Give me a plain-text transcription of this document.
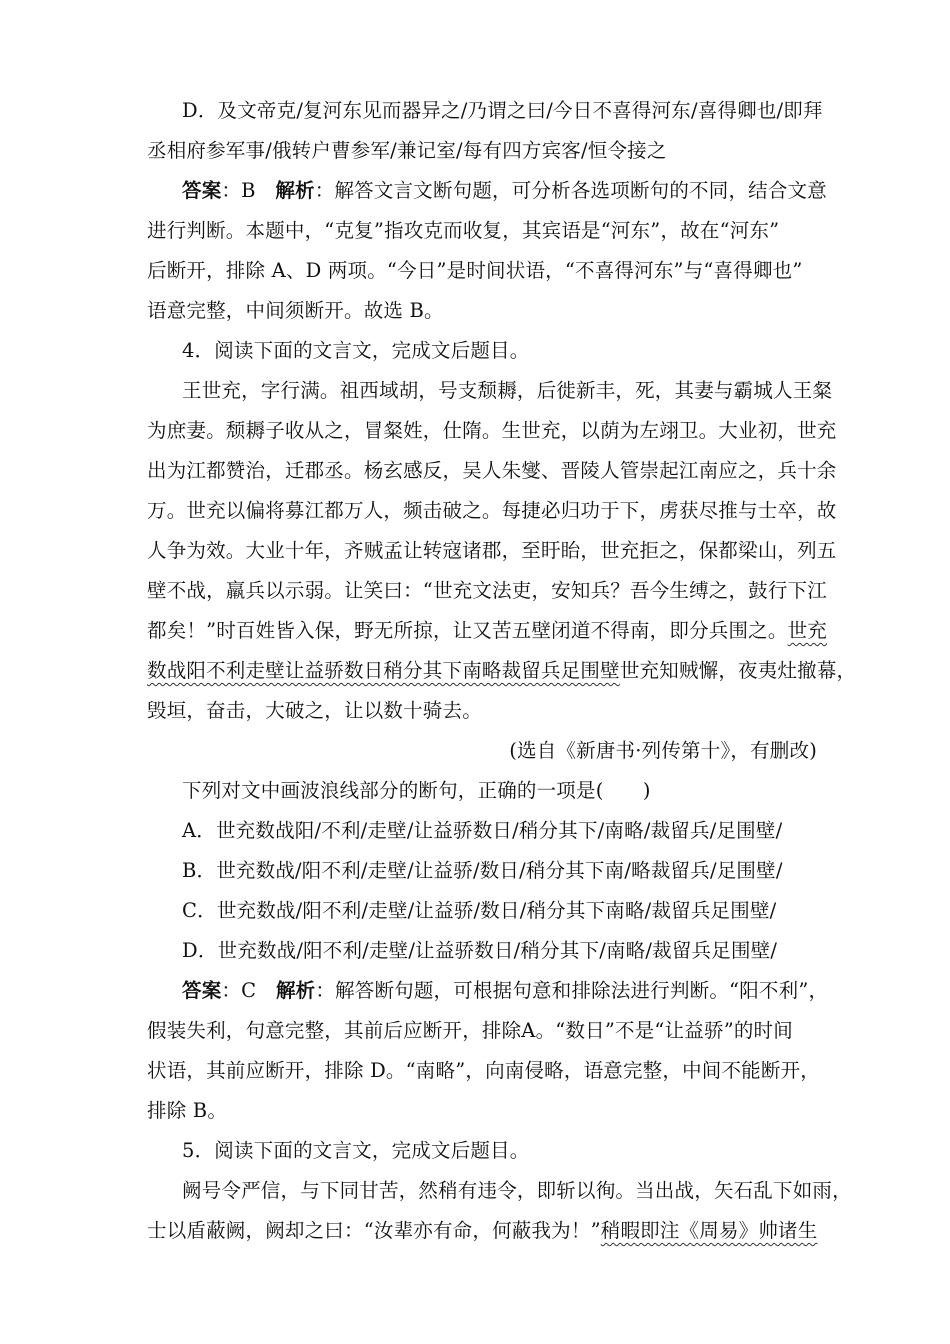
D．及文帝克/复河东见而器异之/乃谓之曰/今日不喜得河东/喜得卿也/即拜
丞相府参军事/俄转户曹参军/兼记室/每有四方宾客/恒令接之
答案：B　解析：解答文言文断句题，可分析各选项断句的不同，结合文意
进行判断。本题中，“克复”指攻克而收复，其宾语是“河东”，故在“河东”
后断开，排除 A、D 两项。“今日”是时间状语，“不喜得河东”与“喜得卿也”
语意完整，中间须断开。故选 B。
4．阅读下面的文言文，完成文后题目。
王世充，字行满。祖西域胡，号支颓耨，后徙新丰，死，其妻与霸城人王粲
为庶妻。颓耨子收从之，冒粲姓，仕隋。生世充，以荫为左翊卫。大业初，世充
出为江都赞治，迁郡丞。杨玄感反，吴人朱燮、晋陵人管崇起江南应之，兵十余
万。世充以偏将募江都万人，频击破之。每捷必归功于下，虏获尽推与士卒，故
人争为效。大业十年，齐贼孟让转寇诸郡，至盱眙，世充拒之，保都梁山，列五
壁不战，羸兵以示弱。让笑曰：“世充文法吏，安知兵？吾今生缚之，鼓行下江
都矣！”时百姓皆入保，野无所掠，让又苦五壁闭道不得南，即分兵围之。世充
数战阳不利走壁让益骄数日稍分其下南略裁留兵足围壁世充知贼懈，夜夷灶撤幕，
毁垣，奋击，大破之，让以数十骑去。
(选自《新唐书·列传第十》，有删改)
下列对文中画波浪线部分的断句，正确的一项是(　　)
A．世充数战阳/不利/走壁/让益骄数日/稍分其下/南略/裁留兵/足围壁/
B．世充数战/阳不利/走壁/让益骄/数日/稍分其下南/略裁留兵/足围壁/
C．世充数战/阳不利/走壁/让益骄/数日/稍分其下南略/裁留兵足围壁/
D．世充数战/阳不利/走壁/让益骄数日/稍分其下/南略/裁留兵足围壁/
答案：C　解析：解答断句题，可根据句意和排除法进行判断。“阳不利”，
假装失利，句意完整，其前后应断开，排除A。“数日”不是“让益骄”的时间
状语，其前应断开，排除 D。“南略”，向南侵略，语意完整，中间不能断开，
排除 B。
5．阅读下面的文言文，完成文后题目。
阙号令严信，与下同甘苦，然稍有违令，即斩以徇。当出战，矢石乱下如雨，
士以盾蔽阙，阙却之曰：“汝辈亦有命，何蔽我为！”稍暇即注《周易》帅诸生
